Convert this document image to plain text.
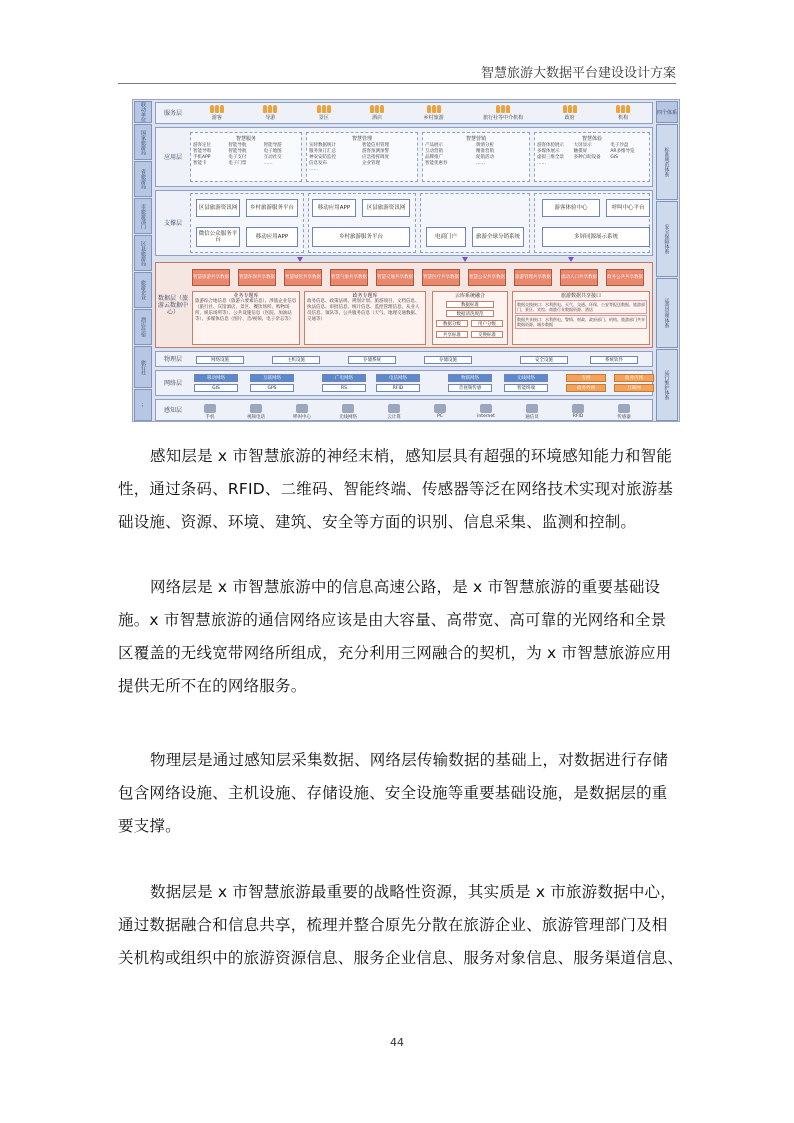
智慧旅游大数据平台建设设计方案
联动单位
国家旅游局
省旅游局
市旅游部门
区县旅游局
旅游企业
酒店住宿
旅行社
...
四个体系
标准规范体系
安全保障体系
运营管理体系
运行维护体系
服务层
游客	导游	景区	酒店	乡村旅游	旅行社等中介机构	政府	机构
应用层
智慧服务
游客定位	智能导航	智能导游
智能导购	智能导航	电子地图
手机APP	电子支付	互动社交
智能卡	电子门票	……
智慧管理
实时数据统计	智能信用管理
服务预订汇总	游客预测预警
神安安防监控	应急指挥调度
信息发布	企业管理
……
智慧营销
产品展示	舆情分析
互动营销	精准营销
品牌推广	促销活动
智能优惠券	……
智慧体验
游客体验展示	大屏显示	电子沙盘
多媒体展示	触摸屏	AR多维导览
虚拟三维全景	多种自助设备	GIS
……
支撑层
区县旅游资讯网	乡村旅游服务平台
微信公众服务平台
移动应用APP
移动应用APP	区县旅游资讯网
乡村旅游服务平台	电商门户	旅游全球分销系统
游客体验中心	呼叫中心平台
多屏同源展示系统
数据层（旅游云数据中心）
智慧旅游共享数据 智慧环保共享数据 智慧城管共享数据 智慧气象共享数据 智慧交通共享数据 智慧医疗共享数据 智慧公安共享数据 旅游管理共享数据 流动人口共享数据 政务公共共享数据
业务专题库
旅游综合地信息（旅游六要素信息）、涉旅企业信息（旅行社、宾馆酒店、景区、餐饮场所、购物场所、娱乐场所等）、公共设施信息（医院、加油站等）、多媒体信息（图片、音/视频、电子杂志等）
政务专题库
政务信息、政策法规、规划计划、旅游项目、文档信息、执法信息、审批信息、统计信息、监控管理信息、从业人员信息、领队等、公共服务信息（天气、地理交通数据、交通等）
云库系统融合
数据标准
数据清洗规范
数据分级	用户分级
共享标准	交换标准
旅游数据共享接口
数据交换接口：水利供电、天气、交通、环保、公安等报送数据、旅游部门、景区、宾馆、商旅行业数据资源、酒店
数据共享接口：水利供电、警情、财政、政府部门、机构、旅游部门共享数据资源、城乡数据
物理层	网络设施	主机设施	存储系统	存储设施	安全设施	系统软件
网络层
移动网络	互联网络	广电网络	电信网络	物联网络	无线网络	专网	政务内网
GIS	GPS	RS	RFID	音视频传感	智能终端	政务外网	互联网
感知层
手机	视频电话	呼叫中心	无线网络	云计算	PC	internet	通信员	RFID	传感器
感知层是 x 市智慧旅游的神经末梢，感知层具有超强的环境感知能力和智能
性，通过条码、RFID、二维码、智能终端、传感器等泛在网络技术实现对旅游基
础设施、资源、环境、建筑、安全等方面的识别、信息采集、监测和控制。
网络层是 x 市智慧旅游中的信息高速公路，是 x 市智慧旅游的重要基础设
施。x 市智慧旅游的通信网络应该是由大容量、高带宽、高可靠的光网络和全景
区覆盖的无线宽带网络所组成，充分利用三网融合的契机，为 x 市智慧旅游应用
提供无所不在的网络服务。
物理层是通过感知层采集数据、网络层传输数据的基础上，对数据进行存储
包含网络设施、主机设施、存储设施、安全设施等重要基础设施，是数据层的重
要支撑。
数据层是 x 市智慧旅游最重要的战略性资源，其实质是 x 市旅游数据中心，
通过数据融合和信息共享，梳理并整合原先分散在旅游企业、旅游管理部门及相
关机构或组织中的旅游资源信息、服务企业信息、服务对象信息、服务渠道信息、
44
